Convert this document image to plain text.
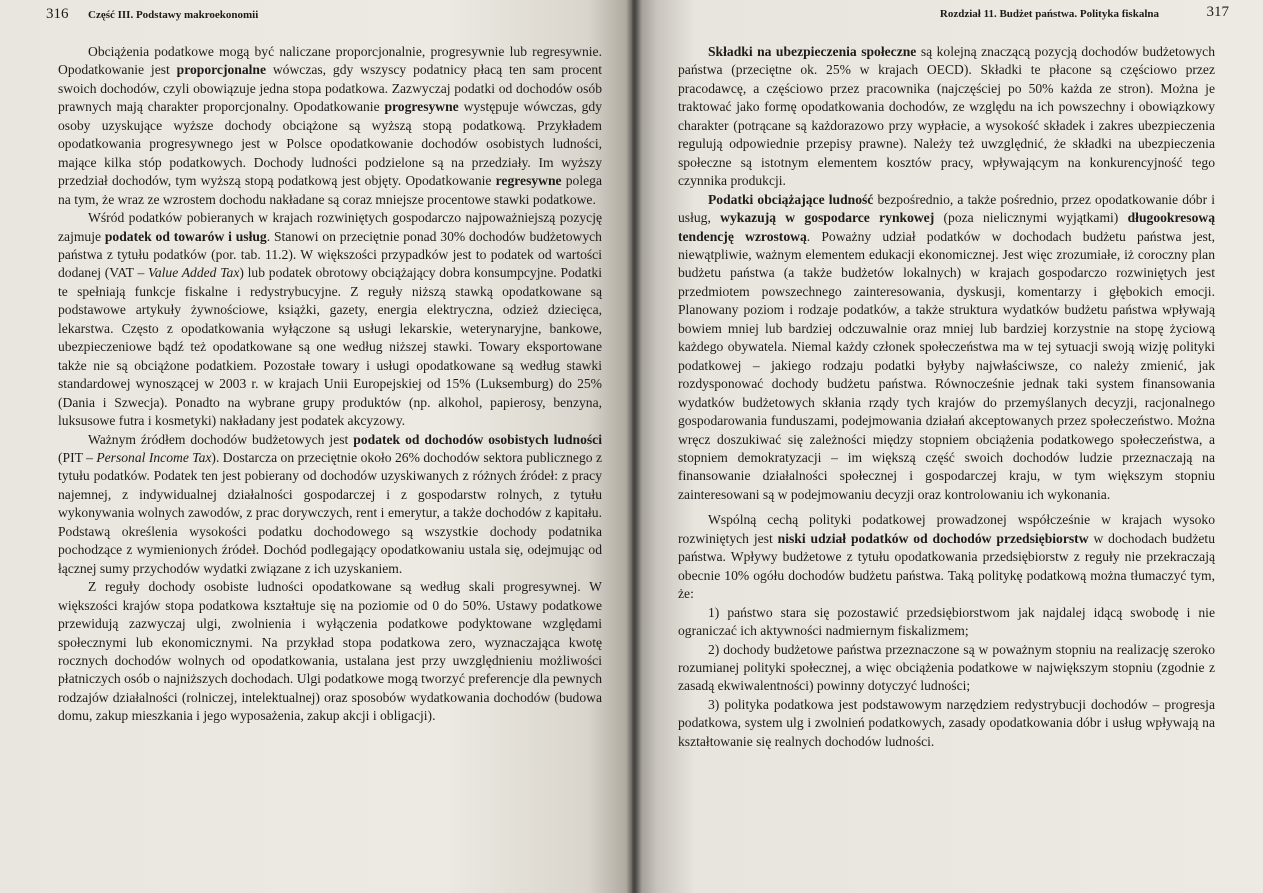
316 Część III. Podstawy makroekonomii

Obciążenia podatkowe mogą być naliczane proporcjonalnie, progresywnie lub regresywnie. Opodatkowanie jest proporcjonalne wówczas, gdy wszyscy podatnicy płacą ten sam procent swoich dochodów, czyli obowiązuje jedna stopa podatkowa. Zazwyczaj podatki od dochodów osób prawnych mają charakter proporcjonalny. Opodatkowanie progresywne występuje wówczas, gdy osoby uzyskujące wyższe dochody obciążone są wyższą stopą podatkową. Przykładem opodatkowania progresywnego jest w Polsce opodatkowanie dochodów osobistych ludności, mające kilka stóp podatkowych. Dochody ludności podzielone są na przedziały. Im wyższy przedział dochodów, tym wyższą stopą podatkową jest objęty. Opodatkowanie regresywne polega na tym, że wraz ze wzrostem dochodu nakładane są coraz mniejsze procentowe stawki podatkowe.

Wśród podatków pobieranych w krajach rozwiniętych gospodarczo najpoważniejszą pozycję zajmuje podatek od towarów i usług. Stanowi on przeciętnie ponad 30% dochodów budżetowych państwa z tytułu podatków (por. tab. 11.2). W większości przypadków jest to podatek od wartości dodanej (VAT – Value Added Tax) lub podatek obrotowy obciążający dobra konsumpcyjne. Podatki te spełniają funkcje fiskalne i redystrybucyjne. Z reguły niższą stawką opodatkowane są podstawowe artykuły żywnościowe, książki, gazety, energia elektryczna, odzież dziecięca, lekarstwa. Często z opodatkowania wyłączone są usługi lekarskie, weterynaryjne, bankowe, ubezpieczeniowe bądź też opodatkowane są one według niższej stawki. Towary eksportowane także nie są obciążone podatkiem. Pozostałe towary i usługi opodatkowane są według stawki standardowej wynoszącej w 2003 r. w krajach Unii Europejskiej od 15% (Luksemburg) do 25% (Dania i Szwecja). Ponadto na wybrane grupy produktów (np. alkohol, papierosy, benzyna, luksusowe futra i kosmetyki) nakładany jest podatek akcyzowy.

Ważnym źródłem dochodów budżetowych jest podatek od dochodów osobistych ludności (PIT – Personal Income Tax). Dostarcza on przeciętnie około 26% dochodów sektora publicznego z tytułu podatków. Podatek ten jest pobierany od dochodów uzyskiwanych z różnych źródeł: z pracy najemnej, z indywidualnej działalności gospodarczej i z gospodarstw rolnych, z tytułu wykonywania wolnych zawodów, z prac dorywczych, rent i emerytur, a także dochodów z kapitału. Podstawą określenia wysokości podatku dochodowego są wszystkie dochody podatnika pochodzące z wymienionych źródeł. Dochód podlegający opodatkowaniu ustala się, odejmując od łącznej sumy przychodów wydatki związane z ich uzyskaniem.

Z reguły dochody osobiste ludności opodatkowane są według skali progresywnej. W większości krajów stopa podatkowa kształtuje się na poziomie od 0 do 50%. Ustawy podatkowe przewidują zazwyczaj ulgi, zwolnienia i wyłączenia podatkowe podyktowane względami społecznymi lub ekonomicznymi. Na przykład stopa podatkowa zero, wyznaczająca kwotę rocznych dochodów wolnych od opodatkowania, ustalana jest przy uwzględnieniu możliwości płatniczych osób o najniższych dochodach. Ulgi podatkowe mogą tworzyć preferencje dla pewnych rodzajów działalności (rolniczej, intelektualnej) oraz sposobów wydatkowania dochodów (budowa domu, zakup mieszkania i jego wyposażenia, zakup akcji i obligacji).

Rozdział 11. Budżet państwa. Polityka fiskalna	317

Składki na ubezpieczenia społeczne są kolejną znaczącą pozycją dochodów budżetowych państwa (przeciętne ok. 25% w krajach OECD). Składki te płacone są częściowo przez pracodawcę, a częściowo przez pracownika (najczęściej po 50% każda ze stron). Można je traktować jako formę opodatkowania dochodów, ze względu na ich powszechny i obowiązkowy charakter (potrącane są każdorazowo przy wypłacie, a wysokość składek i zakres ubezpieczenia regulują odpowiednie przepisy prawne). Należy też uwzględnić, że składki na ubezpieczenia społeczne są istotnym elementem kosztów pracy, wpływającym na konkurencyjność tego czynnika produkcji.

Podatki obciążające ludność bezpośrednio, a także pośrednio, przez opodatkowanie dóbr i usług, wykazują w gospodarce rynkowej (poza nielicznymi wyjątkami) długookresową tendencję wzrostową. Poważny udział podatków w dochodach budżetu państwa jest, niewątpliwie, ważnym elementem edukacji ekonomicznej. Jest więc zrozumiałe, iż coroczny plan budżetu państwa (a także budżetów lokalnych) w krajach gospodarczo rozwiniętych jest przedmiotem powszechnego zainteresowania, dyskusji, komentarzy i głębokich emocji. Planowany poziom i rodzaje podatków, a także struktura wydatków budżetu państwa wpływają bowiem mniej lub bardziej odczuwalnie oraz mniej lub bardziej korzystnie na stopę życiową każdego obywatela. Niemal każdy członek społeczeństwa ma w tej sytuacji swoją wizję polityki podatkowej – jakiego rodzaju podatki byłyby najwłaściwsze, co należy zmienić, jak rozdysponować dochody budżetu państwa. Równocześnie jednak taki system finansowania wydatków budżetowych skłania rządy tych krajów do przemyślanych decyzji, racjonalnego gospodarowania funduszami, podejmowania działań akceptowanych przez społeczeństwo. Można wręcz doszukiwać się zależności między stopniem obciążenia podatkowego społeczeństwa, a stopniem demokratyzacji – im większą część swoich dochodów ludzie przeznaczają na finansowanie działalności społecznej i gospodarczej kraju, w tym większym stopniu zainteresowani są w podejmowaniu decyzji oraz kontrolowaniu ich wykonania.

Wspólną cechą polityki podatkowej prowadzonej współcześnie w krajach wysoko rozwiniętych jest niski udział podatków od dochodów przedsiębiorstw w dochodach budżetu państwa. Wpływy budżetowe z tytułu opodatkowania przedsiębiorstw z reguły nie przekraczają obecnie 10% ogółu dochodów budżetu państwa. Taką politykę podatkową można tłumaczyć tym, że:

1) państwo stara się pozostawić przedsiębiorstwom jak najdalej idącą swobodę i nie ograniczać ich aktywności nadmiernym fiskalizmem;

2) dochody budżetowe państwa przeznaczone są w poważnym stopniu na realizację szeroko rozumianej polityki społecznej, a więc obciążenia podatkowe w największym stopniu (zgodnie z zasadą ekwiwalentności) powinny dotyczyć ludności;

3) polityka podatkowa jest podstawowym narzędziem redystrybucji dochodów – progresja podatkowa, system ulg i zwolnień podatkowych, zasady opodatkowania dóbr i usług wpływają na kształtowanie się realnych dochodów ludności.
